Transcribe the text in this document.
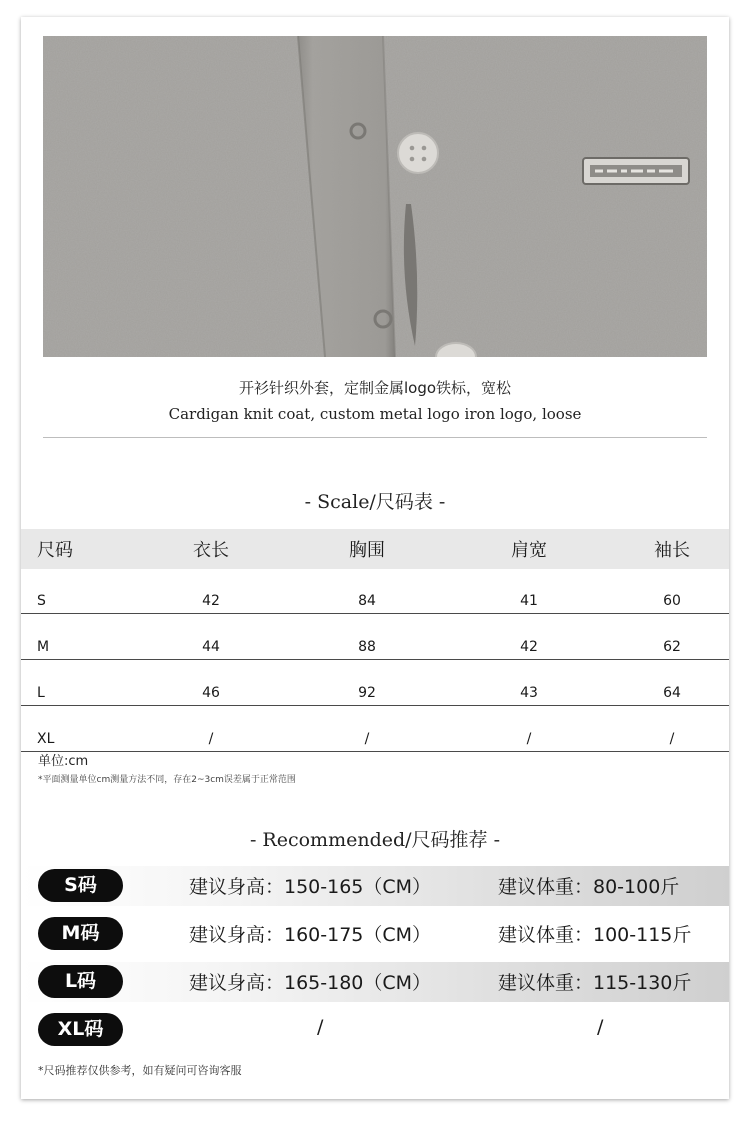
开衫针织外套，定制金属logo铁标，宽松
Cardigan knit coat, custom metal logo iron logo, loose
- Scale/尺码表 -
尺码	衣长	胸围	肩宽	袖长
S	42	84	41	60
M	44	88	42	62
L	46	92	43	64
XL	/	/	/	/
单位:cm
*平面测量单位cm测量方法不同，存在2~3cm误差属于正常范围
- Recommended/尺码推荐 -
S码	建议身高：150-165（CM）	建议体重：80-100斤
M码	建议身高：160-175（CM）	建议体重：100-115斤
L码	建议身高：165-180（CM）	建议体重：115-130斤
XL码	/	/
*尺码推荐仅供参考，如有疑问可咨询客服
